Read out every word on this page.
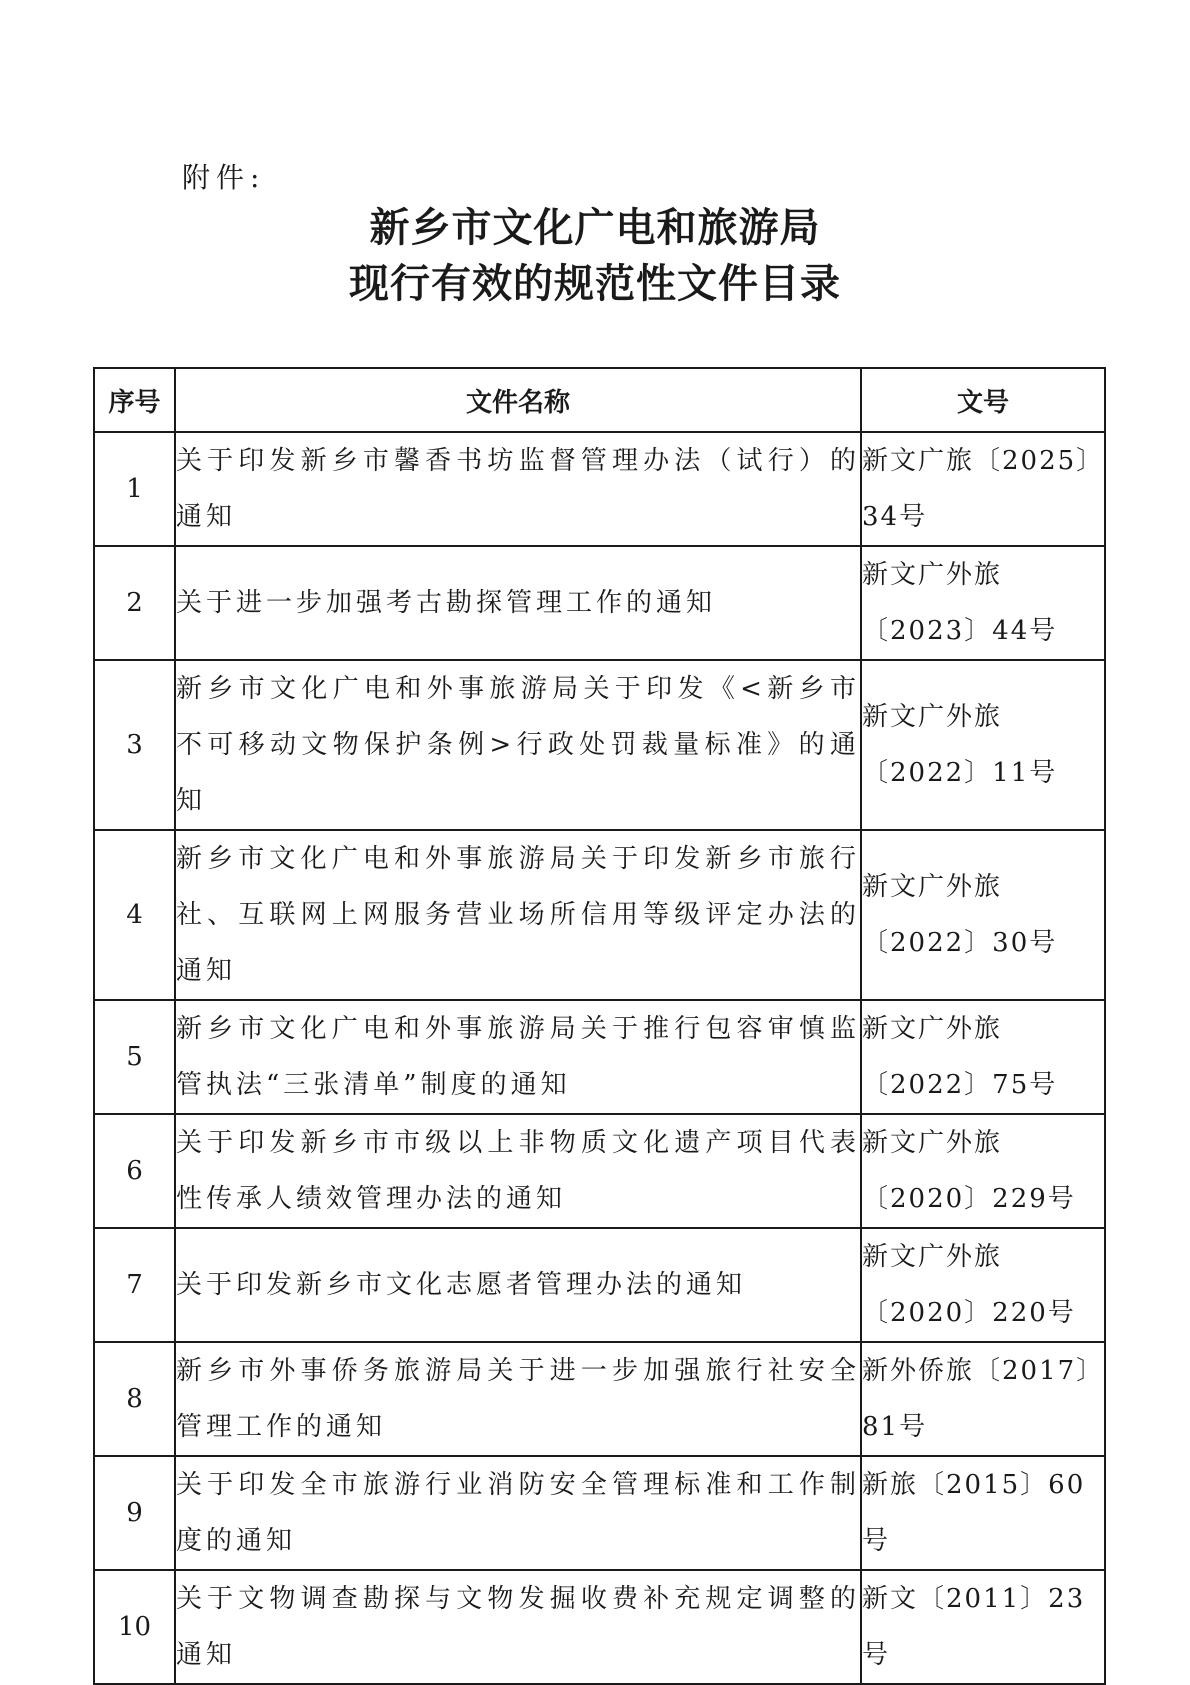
附件:
新乡市文化广电和旅游局
现行有效的规范性文件目录
序号	文件名称	文号
1	关于印发新乡市馨香书坊监督管理办法（试行）的通知	新文广旅〔2025〕34号
2	关于进一步加强考古勘探管理工作的通知	新文广外旅〔2023〕44号
3	新乡市文化广电和外事旅游局关于印发《<新乡市不可移动文物保护条例>行政处罚裁量标准》的通知	新文广外旅〔2022〕11号
4	新乡市文化广电和外事旅游局关于印发新乡市旅行社、互联网上网服务营业场所信用等级评定办法的通知	新文广外旅〔2022〕30号
5	新乡市文化广电和外事旅游局关于推行包容审慎监管执法“三张清单”制度的通知	新文广外旅〔2022〕75号
6	关于印发新乡市市级以上非物质文化遗产项目代表性传承人绩效管理办法的通知	新文广外旅〔2020〕229号
7	关于印发新乡市文化志愿者管理办法的通知	新文广外旅〔2020〕220号
8	新乡市外事侨务旅游局关于进一步加强旅行社安全管理工作的通知	新外侨旅〔2017〕81号
9	关于印发全市旅游行业消防安全管理标准和工作制度的通知	新旅〔2015〕60号
10	关于文物调查勘探与文物发掘收费补充规定调整的通知	新文〔2011〕23号
